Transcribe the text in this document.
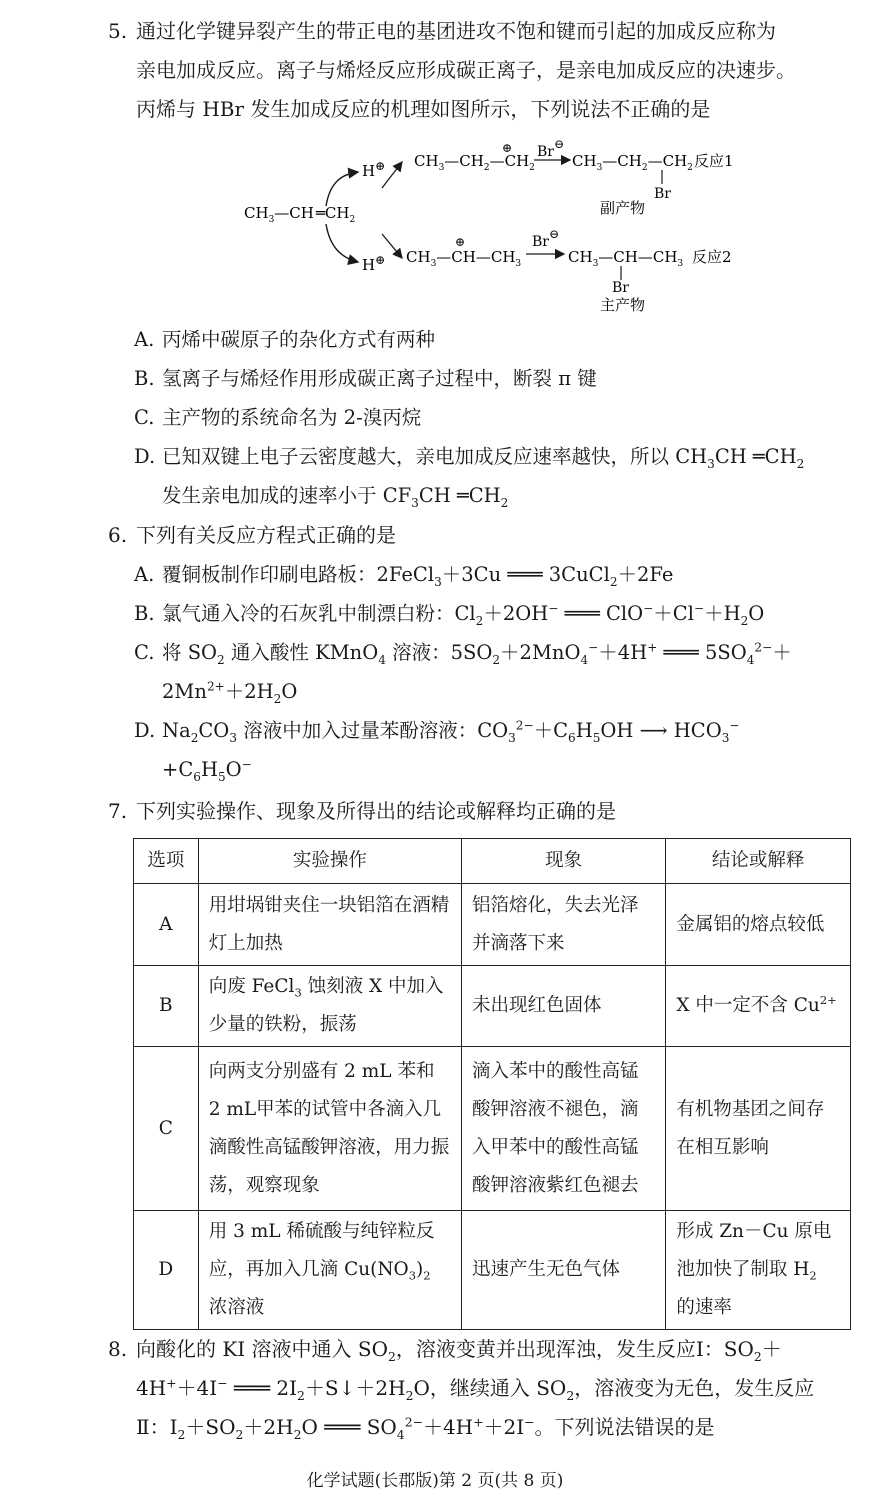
5. 通过化学键异裂产生的带正电的基团进攻不饱和键而引起的加成反应称为
亲电加成反应。离子与烯烃反应形成碳正离子，是亲电加成反应的决速步。
丙烯与 HBr 发生加成反应的机理如图所示，下列说法不正确的是
$CH_3—CH$ $═CH_2$
H⊕ $CH_3—CH_2—CH_2$
⊕ Br⊖
$CH_3—CH_2—CH_2$
Br
反应1
副产物
H⊕ $CH_3—CH—CH_3$
⊕	Br⊖
$CH_3—CH—CH_3$
Br
反应2
主产物
A. 丙烯中碳原子的杂化方式有两种
B. 氢离子与烯烃作用形成碳正离子过程中，断裂 π 键
C. 主产物的系统命名为 2-溴丙烷
D. 已知双键上电子云密度越大，亲电加成反应速率越快，所以 $CH_3CH$ $═CH_2$
发生亲电加成的速率小于 $CF_3CH$ $═CH_2$
6. 下列有关反应方程式正确的是
A. 覆铜板制作印刷电路板：2FeCl$_3$＋3Cu ═══ 3CuCl$_2$＋2Fe
B. 氯气通入冷的石灰乳中制漂白粉：$Cl_2+2OH^-$ ═══ $ClO^-+Cl^-+H_2O$
C. 将 $SO_2$ 通入酸性 KMnO$_4$ 溶液：$5SO_2+2MnO_4^-+4H^+$ ═══ $5SO_4^{2-}+$
$2Mn^{2+}+2H_2O$
D. $Na_2CO_3$ 溶液中加入过量苯酚溶液：$CO_3^{2-}+C_6H_5OH$ ⟶ $HCO_3^-$
$+C_6H_5O^-$
7. 下列实验操作、现象及所得出的结论或解释均正确的是
选项	实验操作	现象	结论或解释
A	用坩埚钳夹住一块铝箔在酒精灯上加热	铝箔熔化，失去光泽并滴落下来	金属铝的熔点较低
B	向废 FeCl$_3$ 蚀刻液 X 中加入少量的铁粉，振荡	未出现红色固体	X 中一定不含 $Cu^{2+}$
C	向两支分别盛有 2 mL 苯和 2 mL甲苯的试管中各滴入几滴酸性高锰酸钾溶液，用力振荡，观察现象	滴入苯中的酸性高锰酸钾溶液不褪色，滴入甲苯中的酸性高锰酸钾溶液紫红色褪去	有机物基团之间存在相互影响
D	用 3 mL 稀硫酸与纯锌粒反应，再加入几滴 $Cu(NO_3)_2$ 浓溶液	迅速产生无色气体	形成 Zn－Cu 原电池加快了制取 $H_2$ 的速率
8. 向酸化的 KI 溶液中通入 $SO_2$，溶液变黄并出现浑浊，发生反应Ⅰ：$SO_2+$
4H+＋4I− ═══ $2I_2+S↓+2H_2O$，继续通入 $SO_2$，溶液变为无色，发生反应
Ⅱ：$I_2+SO_2+2H_2O$ ═══ $SO_4^{2-}+4H^++2I^-$。下列说法错误的是
化学试题(长郡版)第 2 页(共 8 页)
